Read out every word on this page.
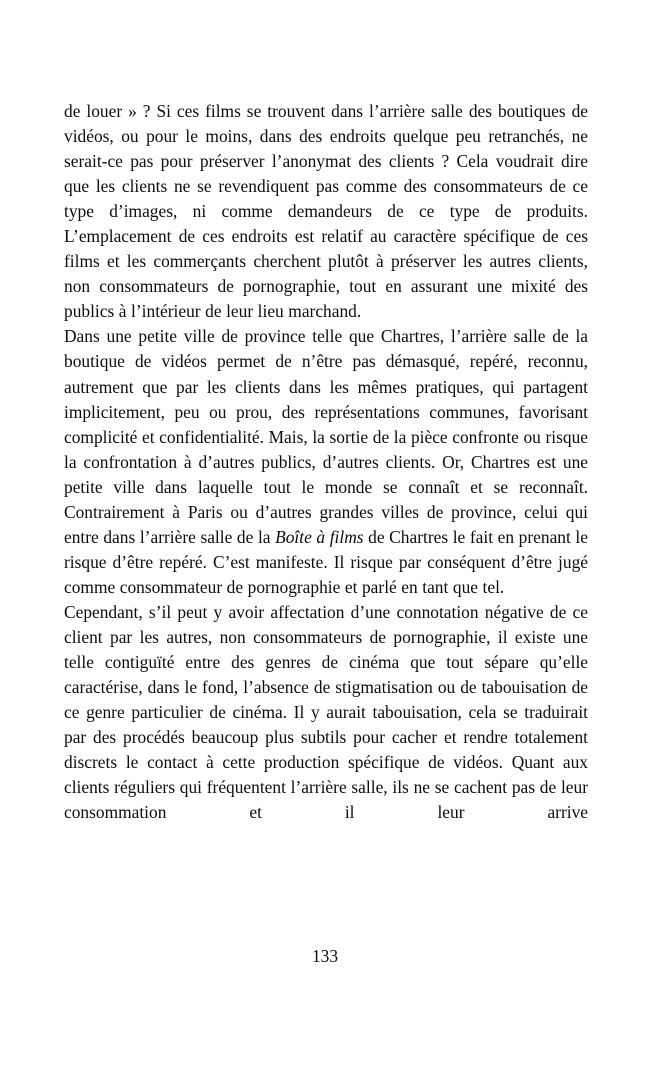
de louer » ? Si ces films se trouvent dans l’arrière salle des boutiques de vidéos, ou pour le moins, dans des endroits quelque peu retranchés, ne serait-ce pas pour préserver l’anonymat des clients ? Cela voudrait dire que les clients ne se revendiquent pas comme des consommateurs de ce type d’images, ni comme demandeurs de ce type de produits. L’emplacement de ces endroits est relatif au caractère spécifique de ces films et les commerçants cherchent plutôt à préserver les autres clients, non consommateurs de pornographie, tout en assurant une mixité des publics à l’intérieur de leur lieu marchand.

Dans une petite ville de province telle que Chartres, l’arrière salle de la boutique de vidéos permet de n’être pas démasqué, repéré, reconnu, autrement que par les clients dans les mêmes pratiques, qui partagent implicitement, peu ou prou, des représentations communes, favorisant complicité et confidentialité. Mais, la sortie de la pièce confronte ou risque la confrontation à d’autres publics, d’autres clients. Or, Chartres est une petite ville dans laquelle tout le monde se connaît et se reconnaît. Contrairement à Paris ou d’autres grandes villes de province, celui qui entre dans l’arrière salle de la Boîte à films de Chartres le fait en prenant le risque d’être repéré. C’est manifeste. Il risque par conséquent d’être jugé comme consommateur de pornographie et parlé en tant que tel.

Cependant, s’il peut y avoir affectation d’une connotation négative de ce client par les autres, non consommateurs de pornographie, il existe une telle contiguïté entre des genres de cinéma que tout sépare qu’elle caractérise, dans le fond, l’absence de stigmatisation ou de tabouisation de ce genre particulier de cinéma. Il y aurait tabouisation, cela se traduirait par des procédés beaucoup plus subtils pour cacher et rendre totalement discrets le contact à cette production spécifique de vidéos. Quant aux clients réguliers qui fréquentent l’arrière salle, ils ne se cachent pas de leur consommation et il leur arrive

133
